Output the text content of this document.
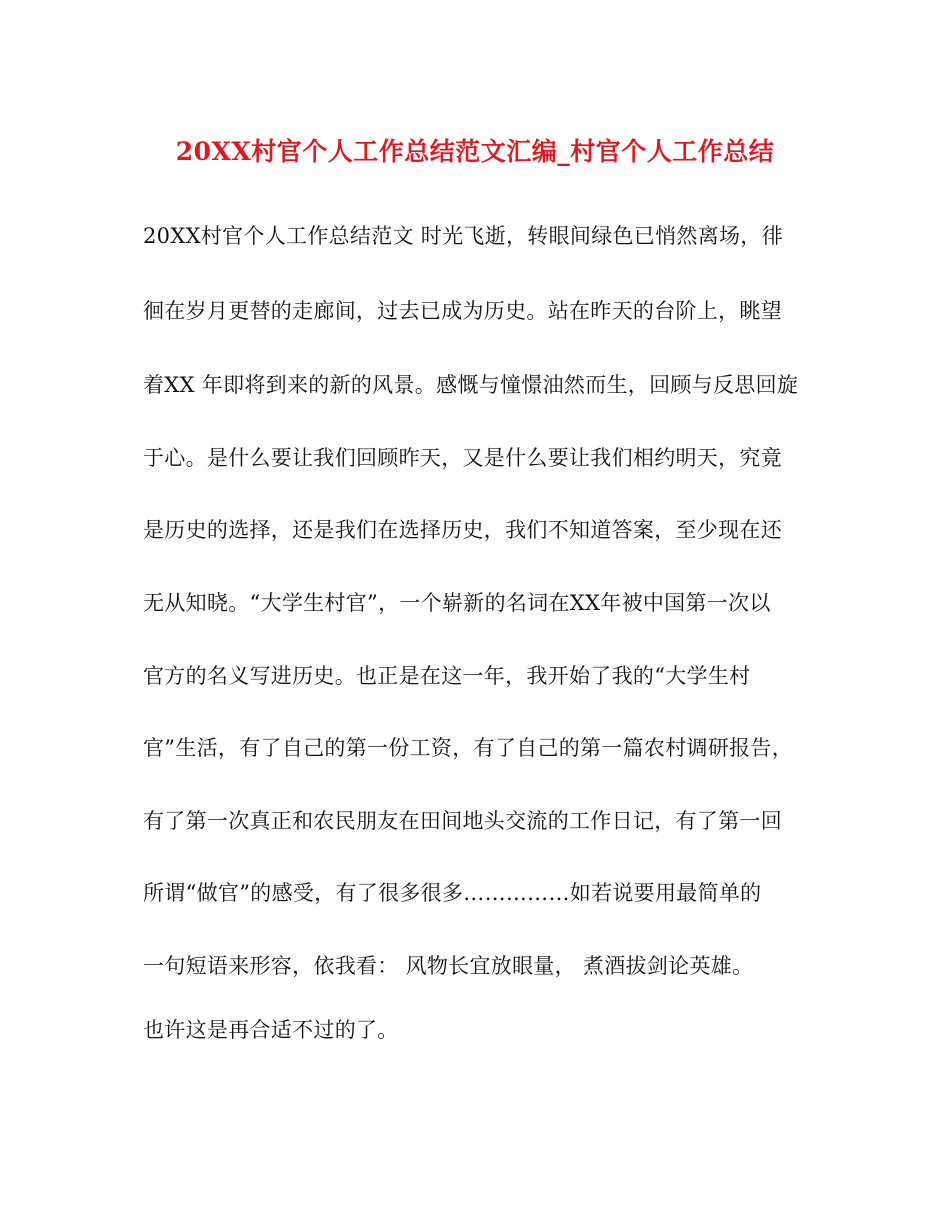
20XX村官个人工作总结范文汇编_村官个人工作总结
20XX村官个人工作总结范文 时光飞逝，转眼间绿色已悄然离场，徘
徊在岁月更替的走廊间，过去已成为历史。站在昨天的台阶上，眺望
着XX 年即将到来的新的风景。感慨与憧憬油然而生，回顾与反思回旋
于心。是什么要让我们回顾昨天，又是什么要让我们相约明天，究竟
是历史的选择，还是我们在选择历史，我们不知道答案，至少现在还
无从知晓。“大学生村官”，一个崭新的名词在XX年被中国第一次以
官方的名义写进历史。也正是在这一年，我开始了我的“大学生村
官”生活，有了自己的第一份工资，有了自己的第一篇农村调研报告，
有了第一次真正和农民朋友在田间地头交流的工作日记，有了第一回
所谓“做官”的感受，有了很多很多……………如若说要用最简单的
一句短语来形容，依我看： 风物长宜放眼量， 煮酒拔剑论英雄。
也许这是再合适不过的了。
